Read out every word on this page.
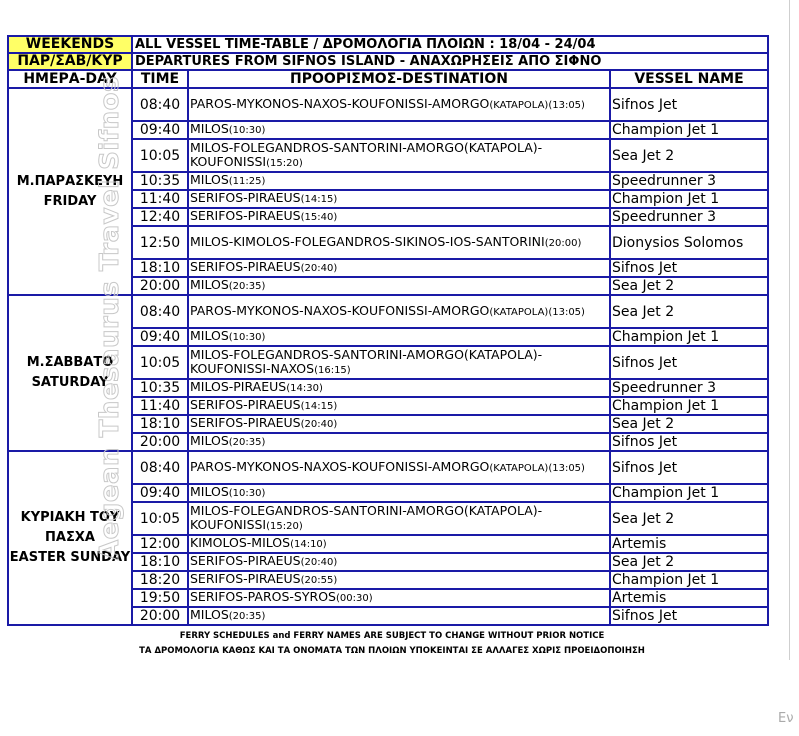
Εν
WEEKENDS	ALL VESSEL TIME-TABLE / ΔΡΟΜΟΛΟΓΙΑ ΠΛΟΙΩΝ : 18/04 - 24/04		
ΠΑΡ/ΣΑΒ/ΚΥΡ	DEPARTURES FROM SIFNOS ISLAND - ΑΝΑΧΩΡΗΣΕΙΣ ΑΠΟ ΣΙΦΝΟ		
ΗΜΕΡΑ-DAY	TIME	ΠΡΟΟΡΙΣΜΟΣ-DESTINATION	VESSEL NAME

Μ.ΠΑΡΑΣΚΕΥΗ
FRIDAY	08:40	PAROS-MYKONOS-NAXOS-KOUFONISSI-AMORGO(KATAPOLA)(13:05)	Sifnos Jet
	09:40	MILOS(10:30)	Champion Jet 1
	10:05	MILOS-FOLEGANDROS-SANTORINI-AMORGO(KATAPOLA)-KOUFONISSI(15:20)	Sea Jet 2
	10:35	MILOS(11:25)	Speedrunner 3
	11:40	SERIFOS-PIRAEUS(14:15)	Champion Jet 1
	12:40	SERIFOS-PIRAEUS(15:40)	Speedrunner 3
	12:50	MILOS-KIMOLOS-FOLEGANDROS-SIKINOS-IOS-SANTORINI(20:00)	Dionysios Solomos
	18:10	SERIFOS-PIRAEUS(20:40)	Sifnos Jet
	20:00	MILOS(20:35)	Sea Jet 2

Μ.ΣΑΒΒΑΤΟ
SATURDAY	08:40	PAROS-MYKONOS-NAXOS-KOUFONISSI-AMORGO(KATAPOLA)(13:05)	Sea Jet 2
	09:40	MILOS(10:30)	Champion Jet 1
	10:05	MILOS-FOLEGANDROS-SANTORINI-AMORGO(KATAPOLA)-KOUFONISSI-NAXOS(16:15)	Sifnos Jet
	10:35	MILOS-PIRAEUS(14:30)	Speedrunner 3
	11:40	SERIFOS-PIRAEUS(14:15)	Champion Jet 1
	18:10	SERIFOS-PIRAEUS(20:40)	Sea Jet 2
	20:00	MILOS(20:35)	Sifnos Jet

ΚΥΡΙΑΚΗ ΤΟΥ ΠΑΣΧΑ
EASTER SUNDAY	08:40	PAROS-MYKONOS-NAXOS-KOUFONISSI-AMORGO(KATAPOLA)(13:05)	Sifnos Jet
	09:40	MILOS(10:30)	Champion Jet 1
	10:05	MILOS-FOLEGANDROS-SANTORINI-AMORGO(KATAPOLA)-KOUFONISSI(15:20)	Sea Jet 2
	12:00	KIMOLOS-MILOS(14:10)	Artemis
	18:10	SERIFOS-PIRAEUS(20:40)	Sea Jet 2
	18:20	SERIFOS-PIRAEUS(20:55)	Champion Jet 1
	19:50	SERIFOS-PAROS-SYROS(00:30)	Artemis
	20:00	MILOS(20:35)	Sifnos Jet
FERRY SCHEDULES and FERRY NAMES ARE SUBJECT TO CHANGE WITHOUT PRIOR NOTICE
ΤΑ ΔΡΟΜΟΛΟΓΙΑ ΚΑΘΩΣ ΚΑΙ ΤΑ ΟΝΟΜΑΤΑ ΤΩΝ ΠΛΟΙΩΝ ΥΠΟΚΕΙΝΤΑΙ ΣΕ ΑΛΛΑΓΕΣ ΧΩΡΙΣ ΠΡΟΕΙΔΟΠΟΙΗΣΗ
Aegean Thesaurus Travel Sifnos
